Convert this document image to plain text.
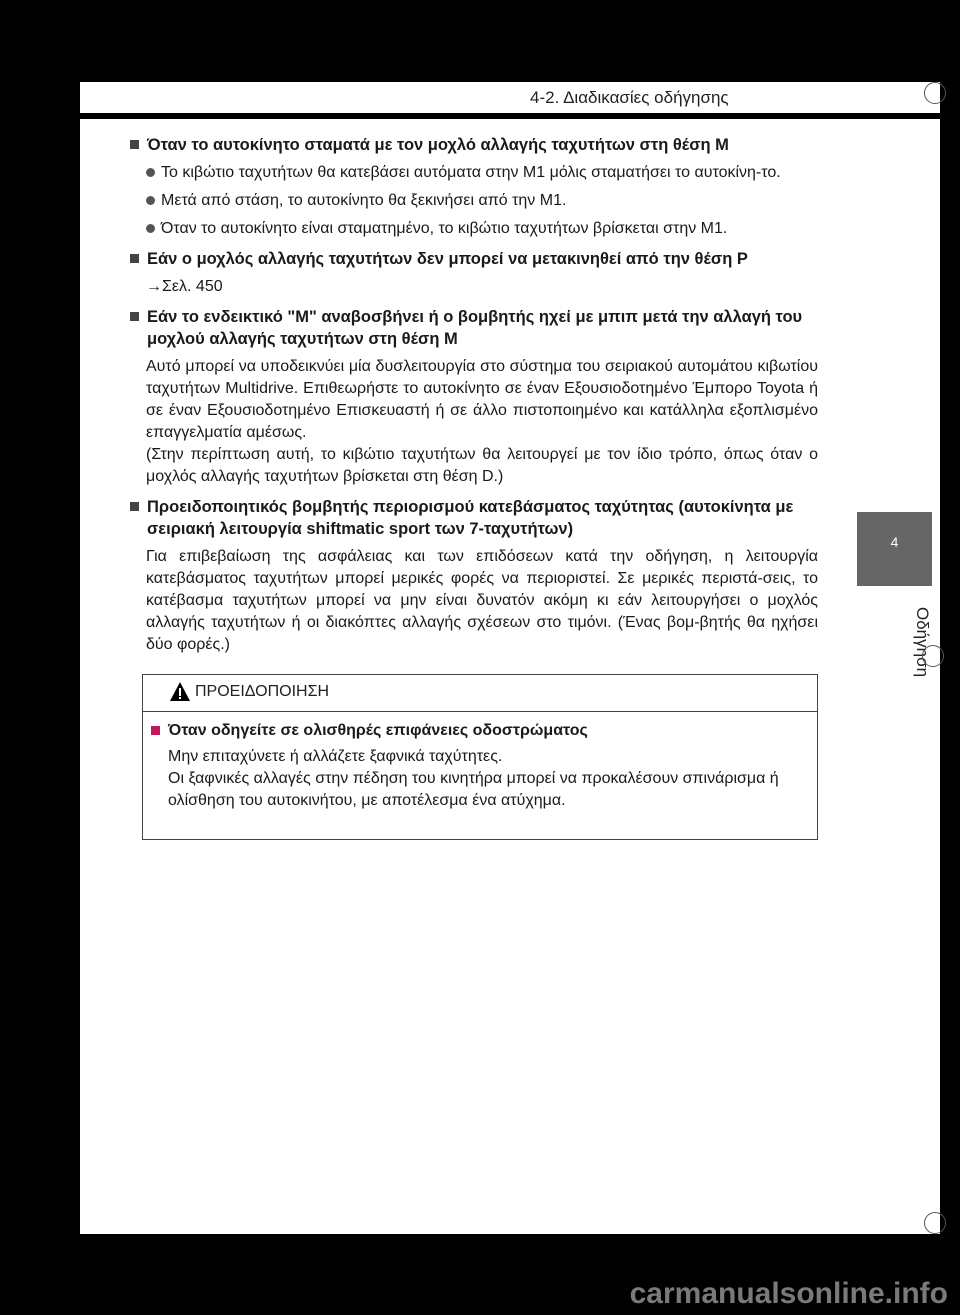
4-2. Διαδικασίες οδήγησης
4
Οδήγηση
Όταν το αυτοκίνητο σταματά με τον μοχλό αλλαγής ταχυτήτων στη θέση M
Το κιβώτιο ταχυτήτων θα κατεβάσει αυτόματα στην M1 μόλις σταματήσει το αυτοκίνη-το.
Μετά από στάση, το αυτοκίνητο θα ξεκινήσει από την M1.
Όταν το αυτοκίνητο είναι σταματημένο, το κιβώτιο ταχυτήτων βρίσκεται στην M1.
Εάν ο μοχλός αλλαγής ταχυτήτων δεν μπορεί να μετακινηθεί από την θέση P
→Σελ. 450
Εάν το ενδεικτικό "M" αναβοσβήνει ή ο βομβητής ηχεί με μπιπ μετά την αλλαγή του μοχλού αλλαγής ταχυτήτων στη θέση M
Αυτό μπορεί να υποδεικνύει μία δυσλειτουργία στο σύστημα του σειριακού αυτομάτου κιβωτίου ταχυτήτων Multidrive. Επιθεωρήστε το αυτοκίνητο σε έναν Εξουσιοδοτημένο Έμπορο Toyota ή σε έναν Εξουσιοδοτημένο Επισκευαστή ή σε άλλο πιστοποιημένο και κατάλληλα εξοπλισμένο επαγγελματία αμέσως.
(Στην περίπτωση αυτή, το κιβώτιο ταχυτήτων θα λειτουργεί με τον ίδιο τρόπο, όπως όταν ο μοχλός αλλαγής ταχυτήτων βρίσκεται στη θέση D.)
Προειδοποιητικός βομβητής περιορισμού κατεβάσματος ταχύτητας (αυτοκίνητα με σειριακή λειτουργία shiftmatic sport των 7-ταχυτήτων)
Για επιβεβαίωση της ασφάλειας και των επιδόσεων κατά την οδήγηση, η λειτουργία κατεβάσματος ταχυτήτων μπορεί μερικές φορές να περιοριστεί. Σε μερικές περιστά-σεις, το κατέβασμα ταχυτήτων μπορεί να μην είναι δυνατόν ακόμη κι εάν λειτουργήσει ο μοχλός αλλαγής ταχυτήτων ή οι διακόπτες αλλαγής σχέσεων στο τιμόνι. (Ένας βομ-βητής θα ηχήσει δύο φορές.)
ΠΡΟΕΙΔΟΠΟΙΗΣΗ
Όταν οδηγείτε σε ολισθηρές επιφάνειες οδοστρώματος
Μην επιταχύνετε ή αλλάζετε ξαφνικά ταχύτητες.
Οι ξαφνικές αλλαγές στην πέδηση του κινητήρα μπορεί να προκαλέσουν σπινάρισμα ή ολίσθηση του αυτοκινήτου, με αποτέλεσμα ένα ατύχημα.
carmanualsonline.info
